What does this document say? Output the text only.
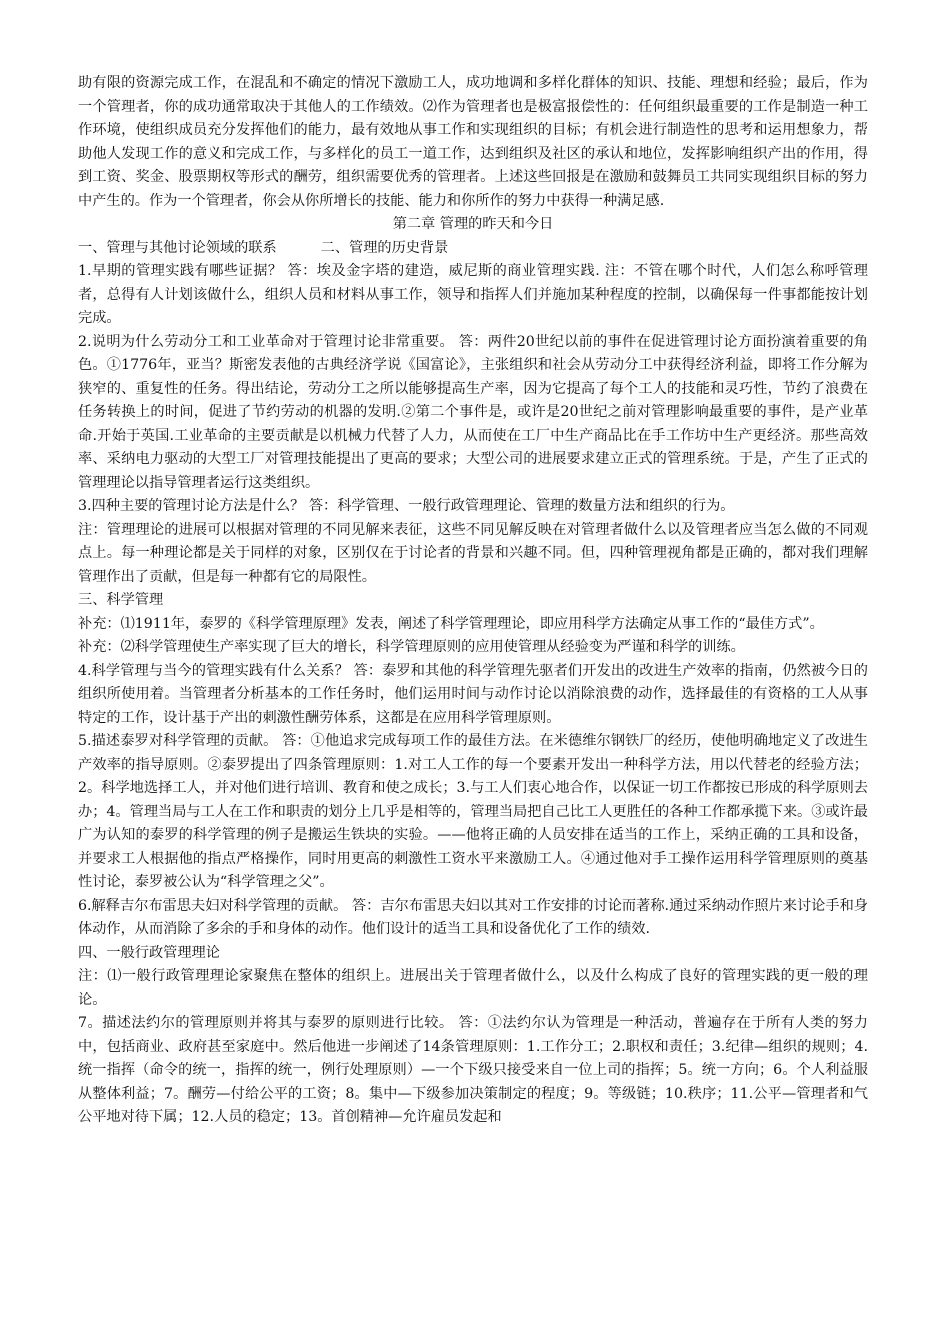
助有限的资源完成工作，在混乱和不确定的情况下激励工人，成功地调和多样化群体的知识、技能、理想和经验；最后，作为一个管理者，你的成功通常取决于其他人的工作绩效。⑵作为管理者也是极富报偿性的：任何组织最重要的工作是制造一种工作环境，使组织成员充分发挥他们的能力，最有效地从事工作和实现组织的目标；有机会进行制造性的思考和运用想象力，帮助他人发现工作的意义和完成工作，与多样化的员工一道工作，达到组织及社区的承认和地位，发挥影响组织产出的作用，得到工资、奖金、股票期权等形式的酬劳，组织需要优秀的管理者。上述这些回报是在激励和鼓舞员工共同实现组织目标的努力中产生的。作为一个管理者，你会从你所增长的技能、能力和你所作的努力中获得一种满足感.

第二章 管理的昨天和今日

一、管理与其他讨论领域的联系	二、管理的历史背景

1.早期的管理实践有哪些证据？ 答：埃及金字塔的建造，威尼斯的商业管理实践. 注：不管在哪个时代，人们怎么称呼管理者，总得有人计划该做什么，组织人员和材料从事工作，领导和指挥人们并施加某种程度的控制，以确保每一件事都能按计划完成。

2.说明为什么劳动分工和工业革命对于管理讨论非常重要。 答：两件20世纪以前的事件在促进管理讨论方面扮演着重要的角色。①1776年，亚当？斯密发表他的古典经济学说《国富论》，主张组织和社会从劳动分工中获得经济利益，即将工作分解为狭窄的、重复性的任务。得出结论，劳动分工之所以能够提高生产率，因为它提高了每个工人的技能和灵巧性，节约了浪费在任务转换上的时间，促进了节约劳动的机器的发明.②第二个事件是，或许是20世纪之前对管理影响最重要的事件，是产业革命.开始于英国.工业革命的主要贡献是以机械力代替了人力，从而使在工厂中生产商品比在手工作坊中生产更经济。那些高效率、采纳电力驱动的大型工厂对管理技能提出了更高的要求；大型公司的进展要求建立正式的管理系统。于是，产生了正式的管理理论以指导管理者运行这类组织。

3.四种主要的管理讨论方法是什么？ 答：科学管理、一般行政管理理论、管理的数量方法和组织的行为。

注：管理理论的进展可以根据对管理的不同见解来表征，这些不同见解反映在对管理者做什么以及管理者应当怎么做的不同观点上。每一种理论都是关于同样的对象，区别仅在于讨论者的背景和兴趣不同。但，四种管理视角都是正确的，都对我们理解管理作出了贡献，但是每一种都有它的局限性。

三、科学管理

补充：⑴1911年，泰罗的《科学管理原理》发表，阐述了科学管理理论，即应用科学方法确定从事工作的“最佳方式”。

补充：⑵科学管理使生产率实现了巨大的增长，科学管理原则的应用使管理从经验变为严谨和科学的训练。

4.科学管理与当今的管理实践有什么关系？ 答：泰罗和其他的科学管理先驱者们开发出的改进生产效率的指南，仍然被今日的组织所使用着。当管理者分析基本的工作任务时，他们运用时间与动作讨论以消除浪费的动作，选择最佳的有资格的工人从事特定的工作，设计基于产出的刺激性酬劳体系，这都是在应用科学管理原则。

5.描述泰罗对科学管理的贡献。 答：①他追求完成每项工作的最佳方法。在米德维尔钢铁厂的经历，使他明确地定义了改进生产效率的指导原则。②泰罗提出了四条管理原则：1.对工人工作的每一个要素开发出一种科学方法，用以代替老的经验方法；2。科学地选择工人，并对他们进行培训、教育和使之成长；3.与工人们衷心地合作，以保证一切工作都按已形成的科学原则去办；4。管理当局与工人在工作和职责的划分上几乎是相等的，管理当局把自己比工人更胜任的各种工作都承揽下来。③或许最广为认知的泰罗的科学管理的例子是搬运生铁块的实验。——他将正确的人员安排在适当的工作上，采纳正确的工具和设备，并要求工人根据他的指点严格操作，同时用更高的刺激性工资水平来激励工人。④通过他对手工操作运用科学管理原则的奠基性讨论，泰罗被公认为“科学管理之父”。

6.解释吉尔布雷思夫妇对科学管理的贡献。 答：吉尔布雷思夫妇以其对工作安排的讨论而著称.通过采纳动作照片来讨论手和身体动作，从而消除了多余的手和身体的动作。他们设计的适当工具和设备优化了工作的绩效.

四、一般行政管理理论

注：⑴一般行政管理理论家聚焦在整体的组织上。进展出关于管理者做什么，以及什么构成了良好的管理实践的更一般的理论。

7。描述法约尔的管理原则并将其与泰罗的原则进行比较。 答：①法约尔认为管理是一种活动，普遍存在于所有人类的努力中，包括商业、政府甚至家庭中。然后他进一步阐述了14条管理原则：1.工作分工；2.职权和责任；3.纪律—组织的规则；4.统一指挥（命令的统一，指挥的统一，例行处理原则）—一个下级只接受来自一位上司的指挥；5。统一方向；6。个人利益服从整体利益；7。酬劳—付给公平的工资；8。集中—下级参加决策制定的程度；9。等级链；10.秩序；11.公平—管理者和气公平地对待下属；12.人员的稳定；13。首创精神—允许雇员发起和
